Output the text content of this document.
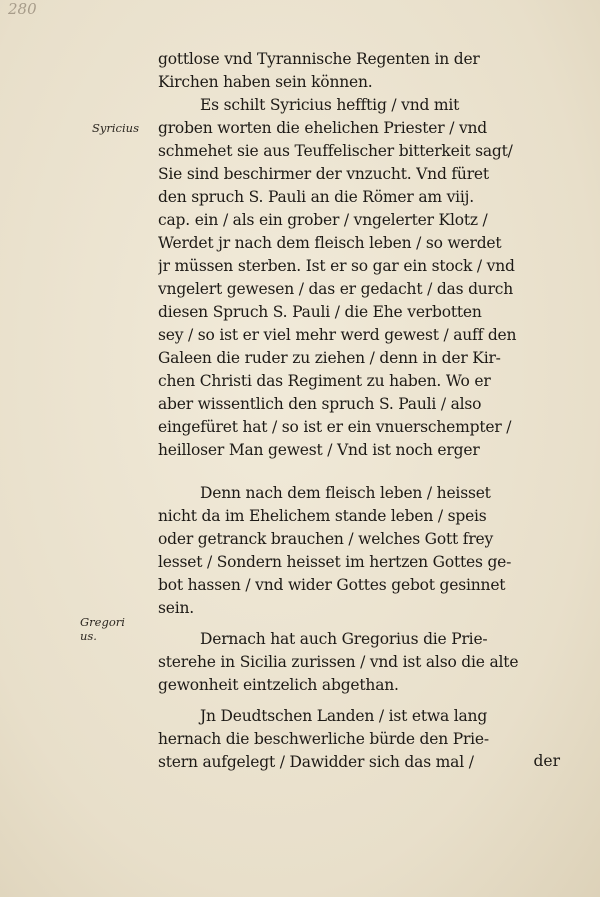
280
Syricius
Gregori
us.
gottlose vnd Tyrannische Regenten in der
Kirchen haben sein können.
Es schilt Syricius hefftig / vnd mit
groben worten die ehelichen Priester / vnd
schmehet sie aus Teuffelischer bitterkeit sagt/
Sie sind beschirmer der vnzucht. Vnd füret
den spruch S. Pauli an die Römer am viij.
cap. ein / als ein grober / vngelerter Klotz /
Werdet jr nach dem fleisch leben / so werdet
jr müssen sterben. Ist er so gar ein stock / vnd
vngelert gewesen / das er gedacht / das durch
diesen Spruch S. Pauli / die Ehe verbotten
sey / so ist er viel mehr werd gewest / auff den
Galeen die ruder zu ziehen / denn in der Kir-
chen Christi das Regiment zu haben. Wo er
aber wissentlich den spruch S. Pauli / also
eingefüret hat / so ist er ein vnuerschempter /
heilloser Man gewest / Vnd ist noch erger
Denn nach dem fleisch leben / heisset
nicht da im Ehelichem stande leben / speis
oder getranck brauchen / welches Gott frey
lesset / Sondern heisset im hertzen Gottes ge-
bot hassen / vnd wider Gottes gebot gesinnet
sein.
Dernach hat auch Gregorius die Prie-
sterehe in Sicilia zurissen / vnd ist also die alte
gewonheit eintzelich abgethan.
Jn Deudtschen Landen / ist etwa lang
hernach die beschwerliche bürde den Prie-
stern aufgelegt / Dawidder sich das mal /	der
